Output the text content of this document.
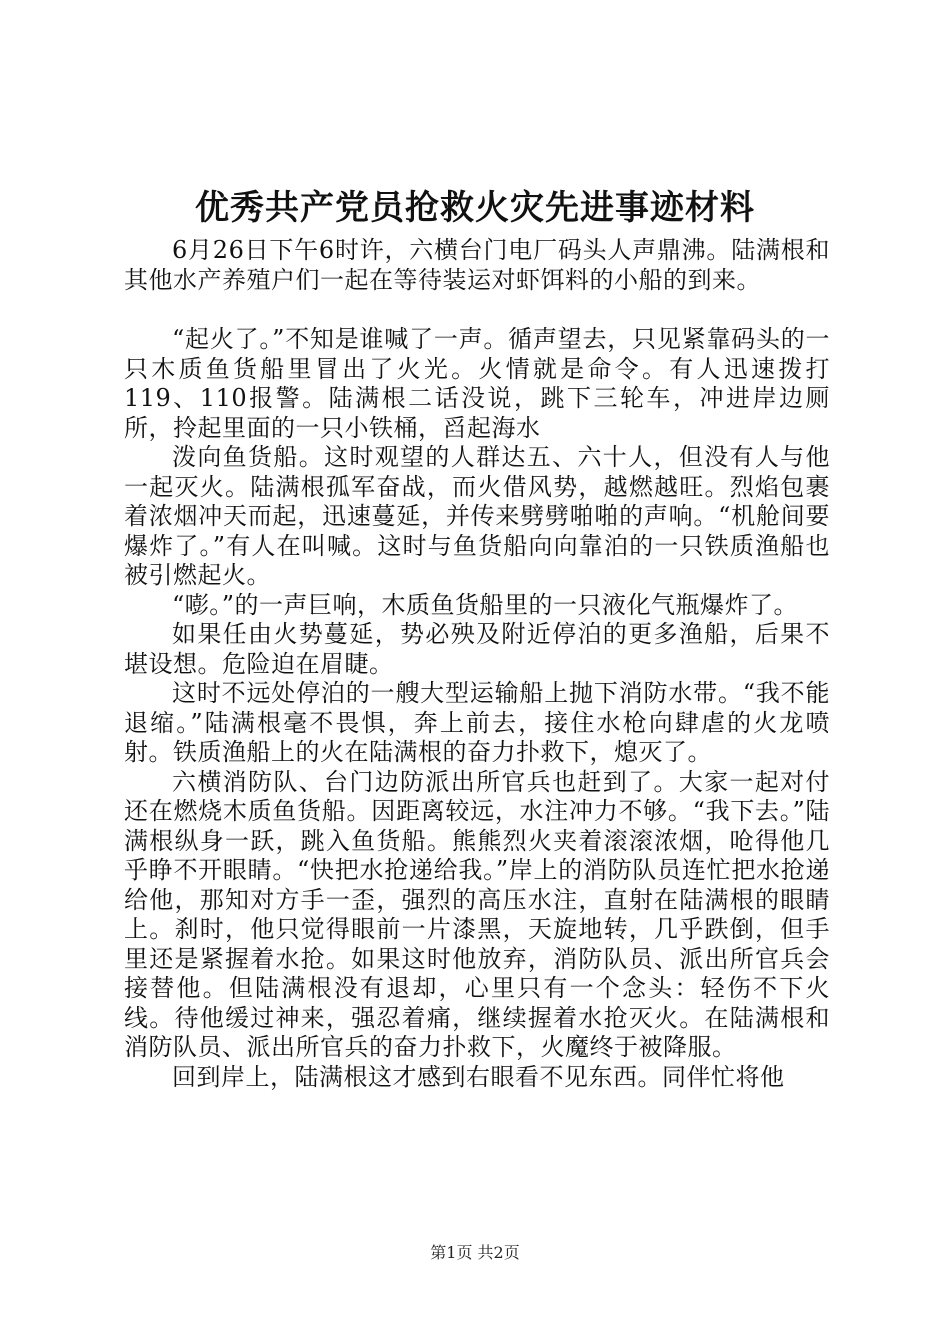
优秀共产党员抢救火灾先进事迹材料

6月26日下午6时许，六横台门电厂码头人声鼎沸。陆满根和其他水产养殖户们一起在等待装运对虾饵料的小船的到来。

“起火了。”不知是谁喊了一声。循声望去，只见紧靠码头的一只木质鱼货船里冒出了火光。火情就是命令。有人迅速拨打119、110报警。陆满根二话没说，跳下三轮车，冲进岸边厕所，拎起里面的一只小铁桶，舀起海水

泼向鱼货船。这时观望的人群达五、六十人，但没有人与他一起灭火。陆满根孤军奋战，而火借风势，越燃越旺。烈焰包裹着浓烟冲天而起，迅速蔓延，并传来劈劈啪啪的声响。“机舱间要爆炸了。”有人在叫喊。这时与鱼货船向向靠泊的一只铁质渔船也被引燃起火。

“嘭。”的一声巨响，木质鱼货船里的一只液化气瓶爆炸了。

如果任由火势蔓延，势必殃及附近停泊的更多渔船，后果不堪设想。危险迫在眉睫。

这时不远处停泊的一艘大型运输船上抛下消防水带。“我不能退缩。”陆满根毫不畏惧，奔上前去，接住水枪向肆虐的火龙喷射。铁质渔船上的火在陆满根的奋力扑救下，熄灭了。

六横消防队、台门边防派出所官兵也赶到了。大家一起对付还在燃烧木质鱼货船。因距离较远，水注冲力不够。“我下去。”陆满根纵身一跃，跳入鱼货船。熊熊烈火夹着滚滚浓烟，呛得他几乎睁不开眼睛。“快把水抢递给我。”岸上的消防队员连忙把水抢递给他，那知对方手一歪，强烈的高压水注，直射在陆满根的眼睛上。刹时，他只觉得眼前一片漆黑，天旋地转，几乎跌倒，但手里还是紧握着水抢。如果这时他放弃，消防队员、派出所官兵会接替他。但陆满根没有退却，心里只有一个念头：轻伤不下火线。待他缓过神来，强忍着痛，继续握着水抢灭火。在陆满根和消防队员、派出所官兵的奋力扑救下，火魔终于被降服。

回到岸上，陆满根这才感到右眼看不见东西。同伴忙将他

第1页 共2页
